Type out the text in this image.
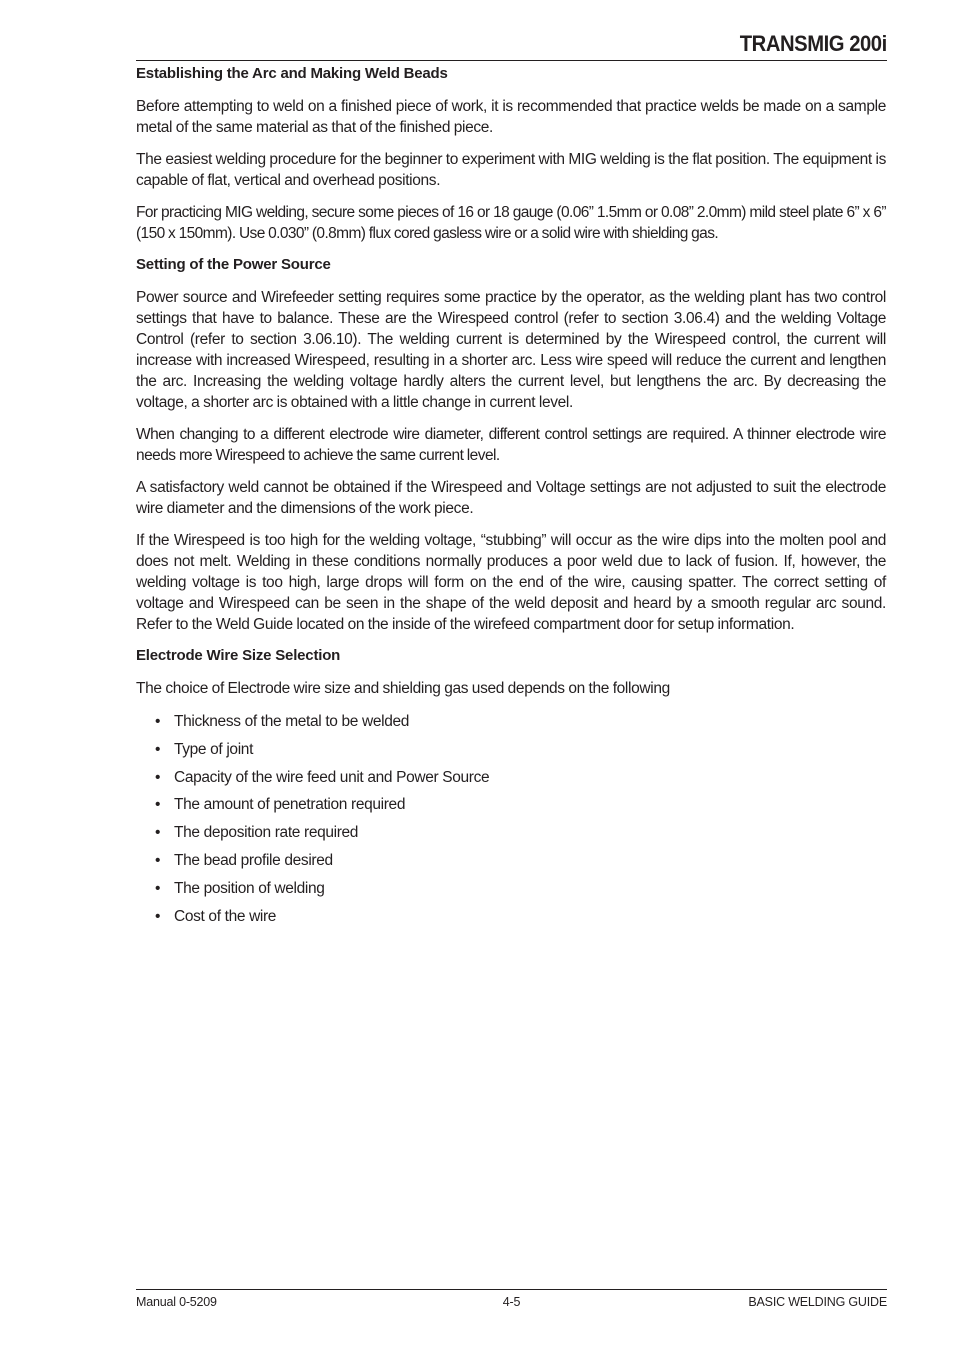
TRANSMIG 200i
Establishing the Arc and Making Weld Beads

Before attempting to weld on a finished piece of work, it is recommended that practice welds be made on a sample metal of the same material as that of the finished piece.

The easiest welding procedure for the beginner to experiment with MIG welding is the flat position. The equipment is capable of flat, vertical and overhead positions.

For practicing MIG welding, secure some pieces of 16 or 18 gauge (0.06” 1.5mm or 0.08” 2.0mm) mild steel plate 6” x 6” (150 x 150mm). Use 0.030” (0.8mm) flux cored gasless wire or a solid wire with shielding gas.

Setting of the Power Source

Power source and Wirefeeder setting requires some practice by the operator, as the welding plant has two control settings that have to balance. These are the Wirespeed control (refer to section 3.06.4) and the welding Voltage Control (refer to section 3.06.10). The welding current is determined by the Wirespeed control, the current will increase with increased Wirespeed, resulting in a shorter arc. Less wire speed will reduce the current and lengthen the arc. Increasing the welding voltage hardly alters the current level, but lengthens the arc. By decreasing the voltage, a shorter arc is obtained with a little change in current level.

When changing to a different electrode wire diameter, different control settings are required. A thinner electrode wire needs more Wirespeed to achieve the same current level.

A satisfactory weld cannot be obtained if the Wirespeed and Voltage settings are not adjusted to suit the electrode wire diameter and the dimensions of the work piece.

If the Wirespeed is too high for the welding voltage, “stubbing” will occur as the wire dips into the molten pool and does not melt. Welding in these conditions normally produces a poor weld due to lack of fusion. If, however, the welding voltage is too high, large drops will form on the end of the wire, causing spatter. The correct setting of voltage and Wirespeed can be seen in the shape of the weld deposit and heard by a smooth regular arc sound. Refer to the Weld Guide located on the inside of the wirefeed compartment door for setup information.

Electrode Wire Size Selection

The choice of Electrode wire size and shielding gas used depends on the following

• Thickness of the metal to be welded
• Type of joint
• Capacity of the wire feed unit and Power Source
• The amount of penetration required
• The deposition rate required
• The bead profile desired
• The position of welding
• Cost of the wire
Manual 0-5209	4-5	BASIC WELDING GUIDE
